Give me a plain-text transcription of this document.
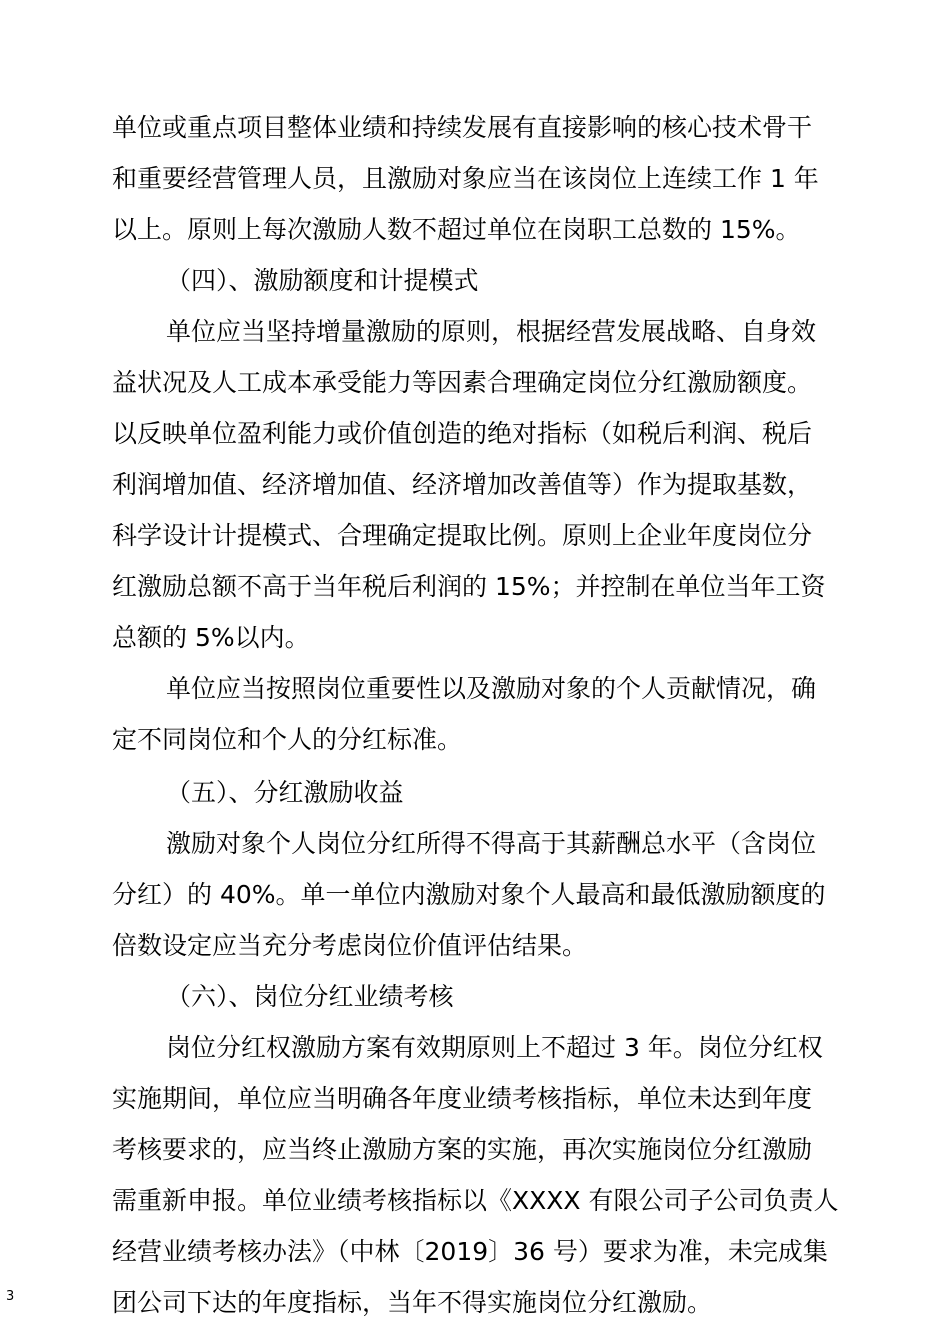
单位或重点项目整体业绩和持续发展有直接影响的核心技术骨干
和重要经营管理人员，且激励对象应当在该岗位上连续工作 1 年
以上。原则上每次激励人数不超过单位在岗职工总数的 15%。
（四）、激励额度和计提模式
单位应当坚持增量激励的原则，根据经营发展战略、自身效
益状况及人工成本承受能力等因素合理确定岗位分红激励额度。
以反映单位盈利能力或价值创造的绝对指标（如税后利润、税后
利润增加值、经济增加值、经济增加改善值等）作为提取基数，
科学设计计提模式、合理确定提取比例。原则上企业年度岗位分
红激励总额不高于当年税后利润的 15%；并控制在单位当年工资
总额的 5%以内。
单位应当按照岗位重要性以及激励对象的个人贡献情况，确
定不同岗位和个人的分红标准。
（五）、分红激励收益
激励对象个人岗位分红所得不得高于其薪酬总水平（含岗位
分红）的 40%。单一单位内激励对象个人最高和最低激励额度的
倍数设定应当充分考虑岗位价值评估结果。
（六）、岗位分红业绩考核
岗位分红权激励方案有效期原则上不超过 3 年。岗位分红权
实施期间，单位应当明确各年度业绩考核指标，单位未达到年度
考核要求的，应当终止激励方案的实施，再次实施岗位分红激励
需重新申报。单位业绩考核指标以《XXXX 有限公司子公司负责人
经营业绩考核办法》（中林〔2019〕36 号）要求为准，未完成集
团公司下达的年度指标，当年不得实施岗位分红激励。
3
